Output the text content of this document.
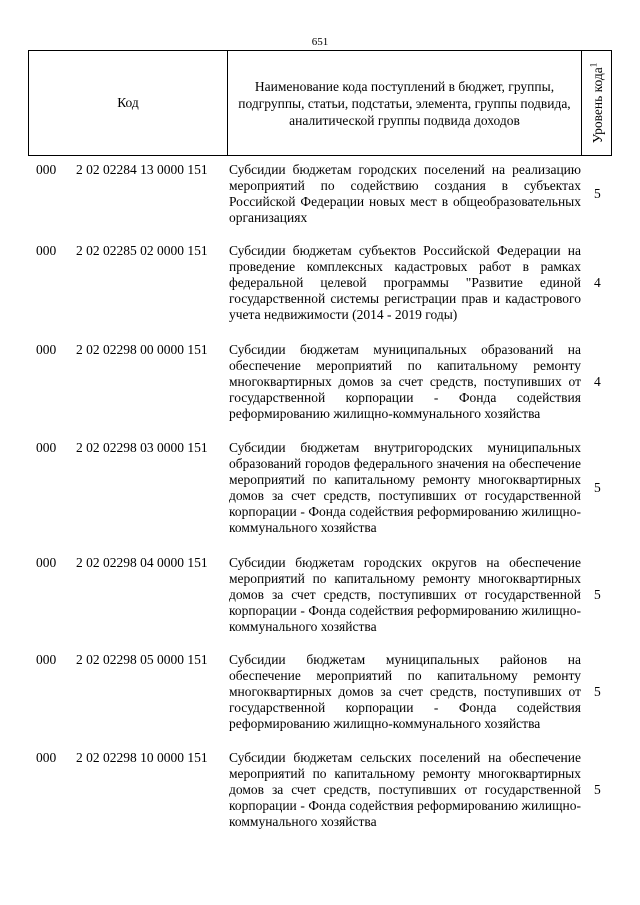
651
Код
Наименование кода поступлений в бюджет, группы, подгруппы, статьи, подстатьи, элемента, группы подвида, аналитической группы подвида доходов	Уровень кода$^1$
000 2 02 02284 13 0000 151 Субсидии бюджетам городских поселений на реализацию мероприятий по содействию создания в субъектах Российской Федерации новых мест в общеобразовательных организациях
5
000 2 02 02285 02 0000 151 Субсидии бюджетам субъектов Российской Федерации на проведение комплексных кадастровых работ в рамках федеральной целевой программы "Развитие единой государственной системы регистрации прав и кадастрового учета недвижимости (2014 - 2019 годы)
4
000 2 02 02298 00 0000 151 Субсидии бюджетам муниципальных образований на обеспечение мероприятий по капитальному ремонту многоквартирных домов за счет средств, поступивших от государственной корпорации - Фонда содействия реформированию жилищно-коммунального хозяйства
4
000 2 02 02298 03 0000 151 Субсидии бюджетам внутригородских муниципальных образований городов федерального значения на обеспечение мероприятий по капитальному ремонту многоквартирных домов за счет средств, поступивших от государственной корпорации - Фонда содействия реформированию жилищно-коммунального хозяйства
5
000 2 02 02298 04 0000 151 Субсидии бюджетам городских округов на обеспечение мероприятий по капитальному ремонту многоквартирных домов за счет средств, поступивших от государственной корпорации - Фонда содействия реформированию жилищно-коммунального хозяйства
5
000 2 02 02298 05 0000 151 Субсидии бюджетам муниципальных районов на обеспечение мероприятий по капитальному ремонту многоквартирных домов за счет средств, поступивших от государственной корпорации - Фонда содействия реформированию жилищно-коммунального хозяйства
5
000 2 02 02298 10 0000 151 Субсидии бюджетам сельских поселений на обеспечение мероприятий по капитальному ремонту многоквартирных домов за счет средств, поступивших от государственной корпорации - Фонда содействия реформированию жилищно-коммунального хозяйства
5
